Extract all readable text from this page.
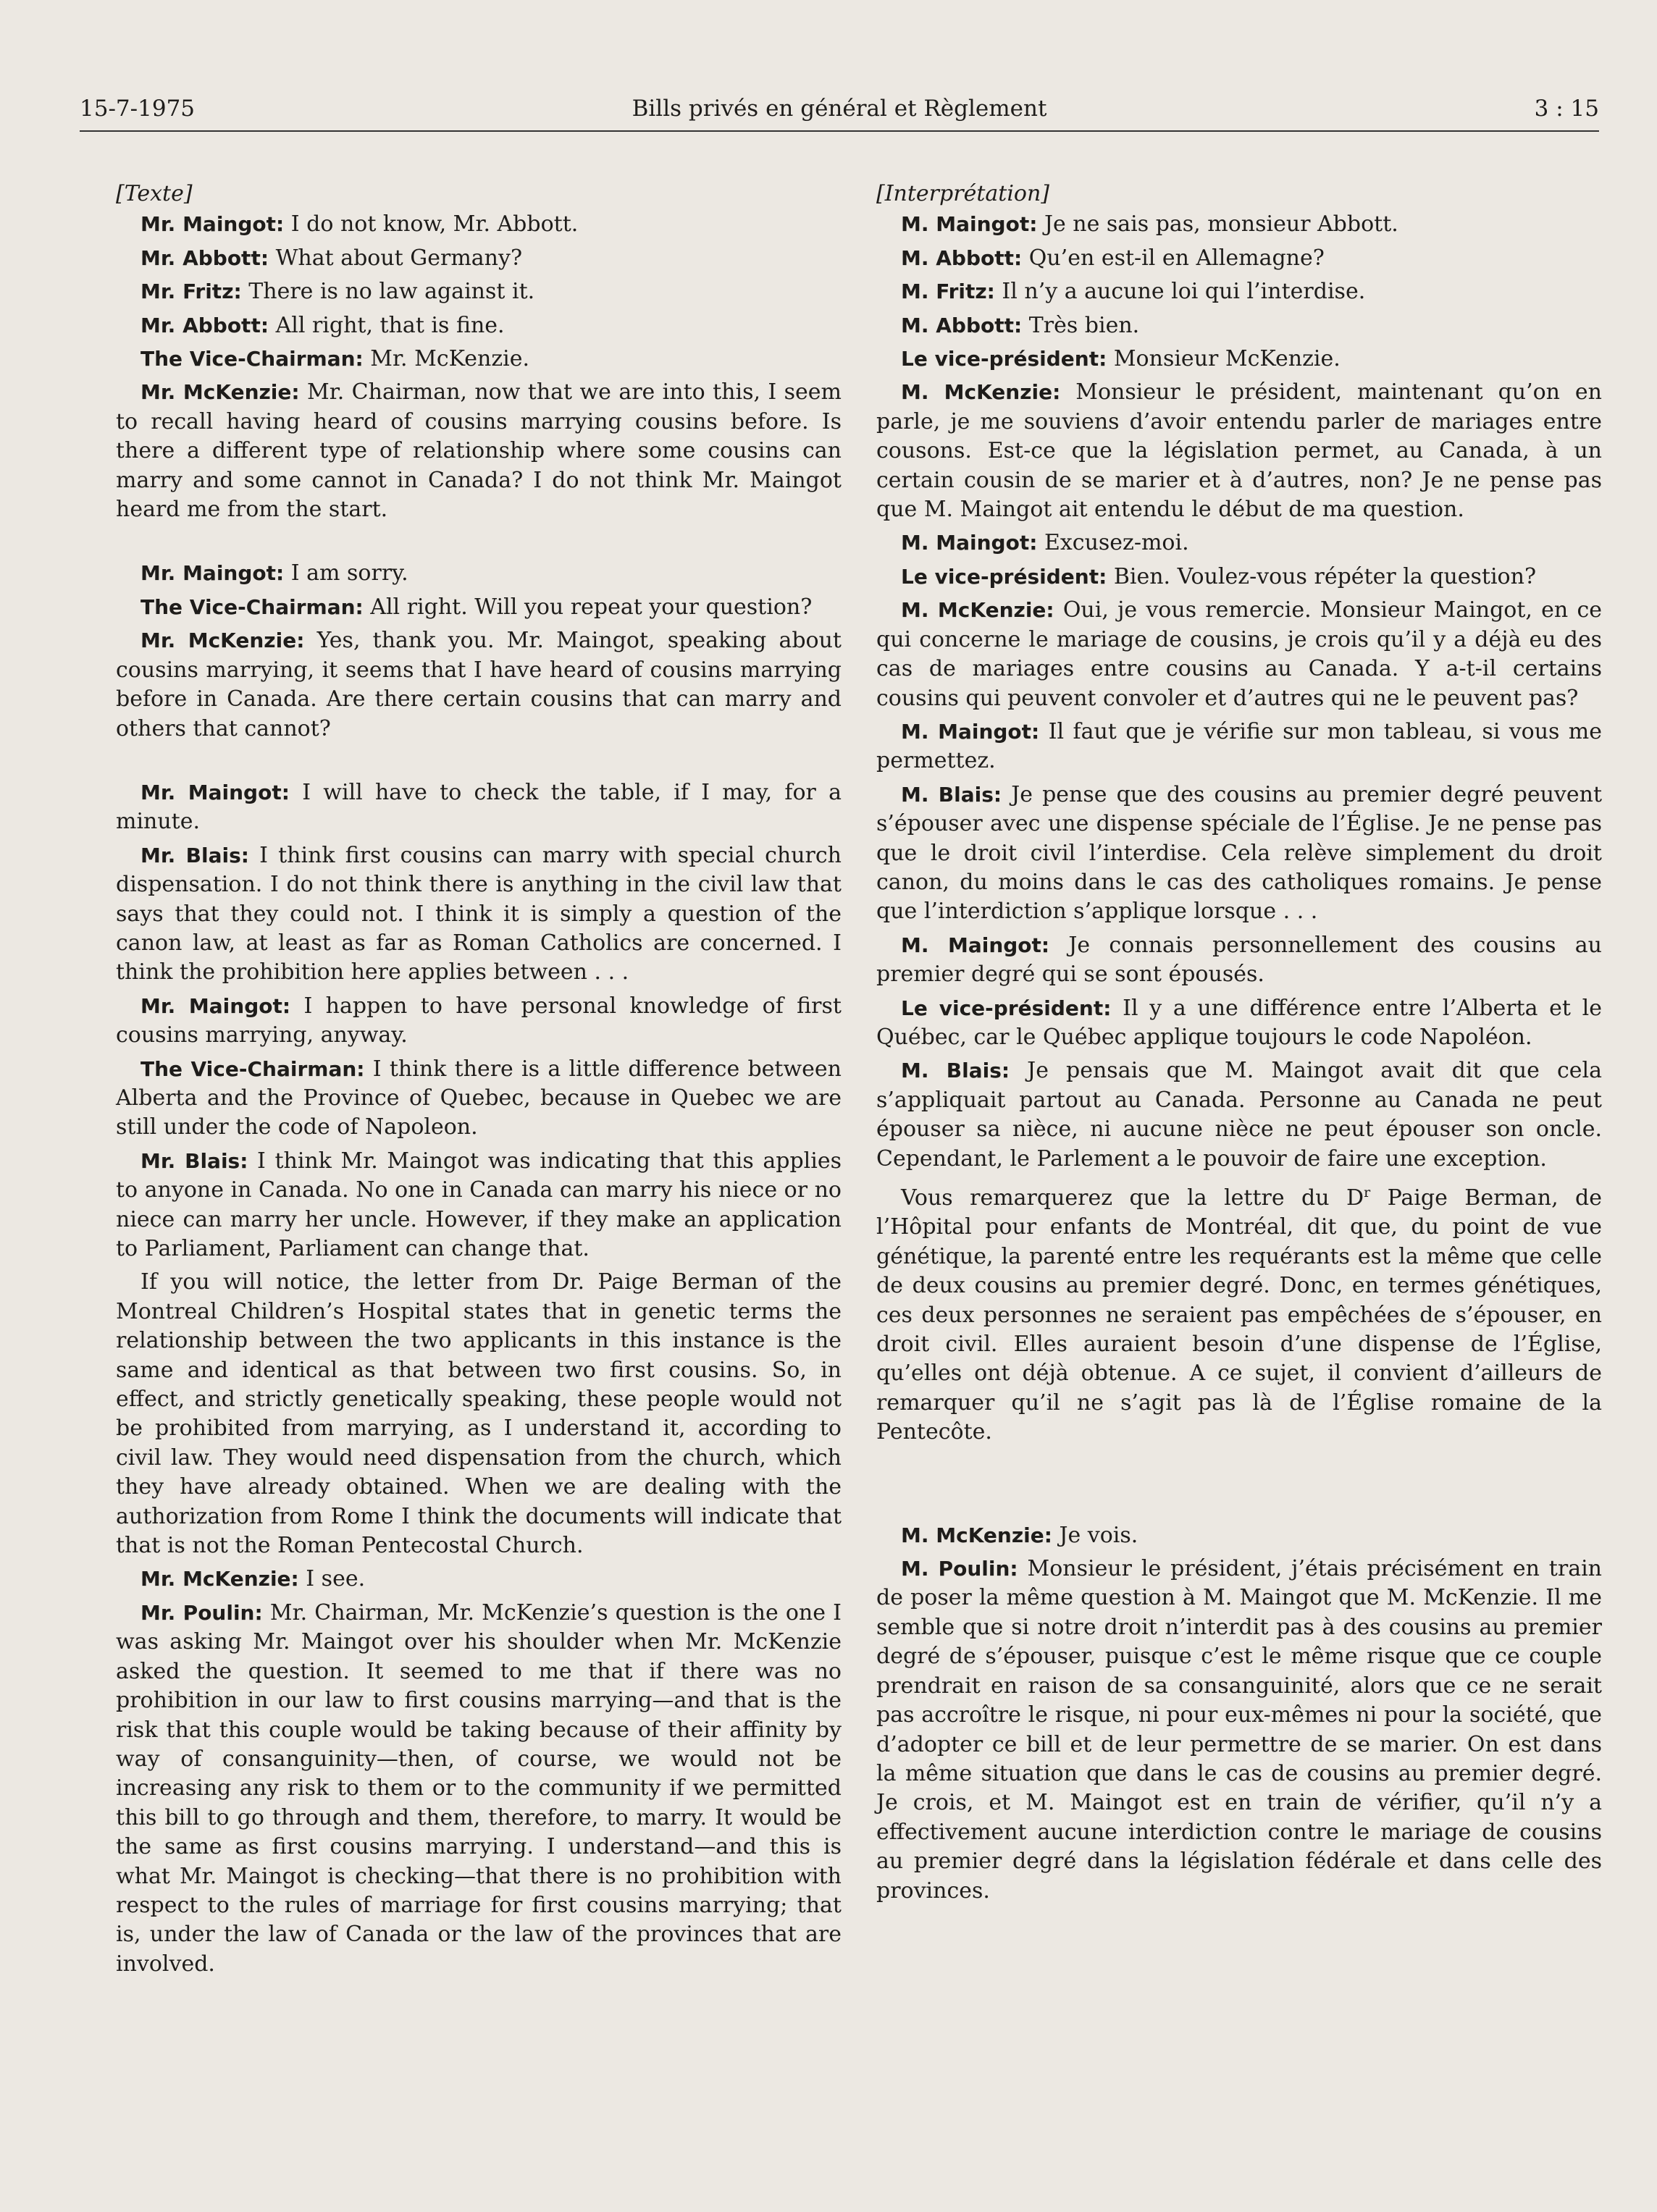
15-7-1975	Bills privés en général et Règlement	3 : 15

[Texte]

Mr. Maingot: I do not know, Mr. Abbott.

Mr. Abbott: What about Germany?

Mr. Fritz: There is no law against it.

Mr. Abbott: All right, that is fine.

The Vice-Chairman: Mr. McKenzie.

Mr. McKenzie: Mr. Chairman, now that we are into this, I seem to recall having heard of cousins marrying cousins before. Is there a different type of relationship where some cousins can marry and some cannot in Canada? I do not think Mr. Maingot heard me from the start.

Mr. Maingot: I am sorry.

The Vice-Chairman: All right. Will you repeat your question?

Mr. McKenzie: Yes, thank you. Mr. Maingot, speaking about cousins marrying, it seems that I have heard of cousins marrying before in Canada. Are there certain cousins that can marry and others that cannot?

Mr. Maingot: I will have to check the table, if I may, for a minute.

Mr. Blais: I think first cousins can marry with special church dispensation. I do not think there is anything in the civil law that says that they could not. I think it is simply a question of the canon law, at least as far as Roman Catholics are concerned. I think the prohibition here applies between . . .

Mr. Maingot: I happen to have personal knowledge of first cousins marrying, anyway.

The Vice-Chairman: I think there is a little difference between Alberta and the Province of Quebec, because in Quebec we are still under the code of Napoleon.

Mr. Blais: I think Mr. Maingot was indicating that this applies to anyone in Canada. No one in Canada can marry his niece or no niece can marry her uncle. However, if they make an application to Parliament, Parliament can change that.

If you will notice, the letter from Dr. Paige Berman of the Montreal Children’s Hospital states that in genetic terms the relationship between the two applicants in this instance is the same and identical as that between two first cousins. So, in effect, and strictly genetically speaking, these people would not be prohibited from marrying, as I understand it, according to civil law. They would need dispensation from the church, which they have already obtained. When we are dealing with the authorization from Rome I think the documents will indicate that that is not the Roman Pentecostal Church.

Mr. McKenzie: I see.

Mr. Poulin: Mr. Chairman, Mr. McKenzie’s question is the one I was asking Mr. Maingot over his shoulder when Mr. McKenzie asked the question. It seemed to me that if there was no prohibition in our law to first cousins marrying—and that is the risk that this couple would be taking because of their affinity by way of consanguinity—then, of course, we would not be increasing any risk to them or to the community if we permitted this bill to go through and them, therefore, to marry. It would be the same as first cousins marrying. I understand—and this is what Mr. Maingot is checking—that there is no prohibition with respect to the rules of marriage for first cousins marrying; that is, under the law of Canada or the law of the provinces that are involved.

[Interprétation]

M. Maingot: Je ne sais pas, monsieur Abbott.

M. Abbott: Qu’en est-il en Allemagne?

M. Fritz: Il n’y a aucune loi qui l’interdise.

M. Abbott: Très bien.

Le vice-président: Monsieur McKenzie.

M. McKenzie: Monsieur le président, maintenant qu’on en parle, je me souviens d’avoir entendu parler de mariages entre cousons. Est-ce que la législation permet, au Canada, à un certain cousin de se marier et à d’autres, non? Je ne pense pas que M. Maingot ait entendu le début de ma question.

M. Maingot: Excusez-moi.

Le vice-président: Bien. Voulez-vous répéter la question?

M. McKenzie: Oui, je vous remercie. Monsieur Maingot, en ce qui concerne le mariage de cousins, je crois qu’il y a déjà eu des cas de mariages entre cousins au Canada. Y a-t-il certains cousins qui peuvent convoler et d’autres qui ne le peuvent pas?

M. Maingot: Il faut que je vérifie sur mon tableau, si vous me permettez.

M. Blais: Je pense que des cousins au premier degré peuvent s’épouser avec une dispense spéciale de l’Église. Je ne pense pas que le droit civil l’interdise. Cela relève simplement du droit canon, du moins dans le cas des catholiques romains. Je pense que l’interdiction s’applique lorsque . . .

M. Maingot: Je connais personnellement des cousins au premier degré qui se sont épousés.

Le vice-président: Il y a une différence entre l’Alberta et le Québec, car le Québec applique toujours le code Napoléon.

M. Blais: Je pensais que M. Maingot avait dit que cela s’appliquait partout au Canada. Personne au Canada ne peut épouser sa nièce, ni aucune nièce ne peut épouser son oncle. Cependant, le Parlement a le pouvoir de faire une exception.

Vous remarquerez que la lettre du $D^r$ Paige Berman, de l’Hôpital pour enfants de Montréal, dit que, du point de vue génétique, la parenté entre les requérants est la même que celle de deux cousins au premier degré. Donc, en termes génétiques, ces deux personnes ne seraient pas empêchées de s’épouser, en droit civil. Elles auraient besoin d’une dispense de l’Église, qu’elles ont déjà obtenue. A ce sujet, il convient d’ailleurs de remarquer qu’il ne s’agit pas là de l’Église romaine de la Pentecôte.

M. McKenzie: Je vois.

M. Poulin: Monsieur le président, j’étais précisément en train de poser la même question à M. Maingot que M. McKenzie. Il me semble que si notre droit n’interdit pas à des cousins au premier degré de s’épouser, puisque c’est le même risque que ce couple prendrait en raison de sa consanguinité, alors que ce ne serait pas accroître le risque, ni pour eux-mêmes ni pour la société, que d’adopter ce bill et de leur permettre de se marier. On est dans la même situation que dans le cas de cousins au premier degré. Je crois, et M. Maingot est en train de vérifier, qu’il n’y a effectivement aucune interdiction contre le mariage de cousins au premier degré dans la législation fédérale et dans celle des provinces.
